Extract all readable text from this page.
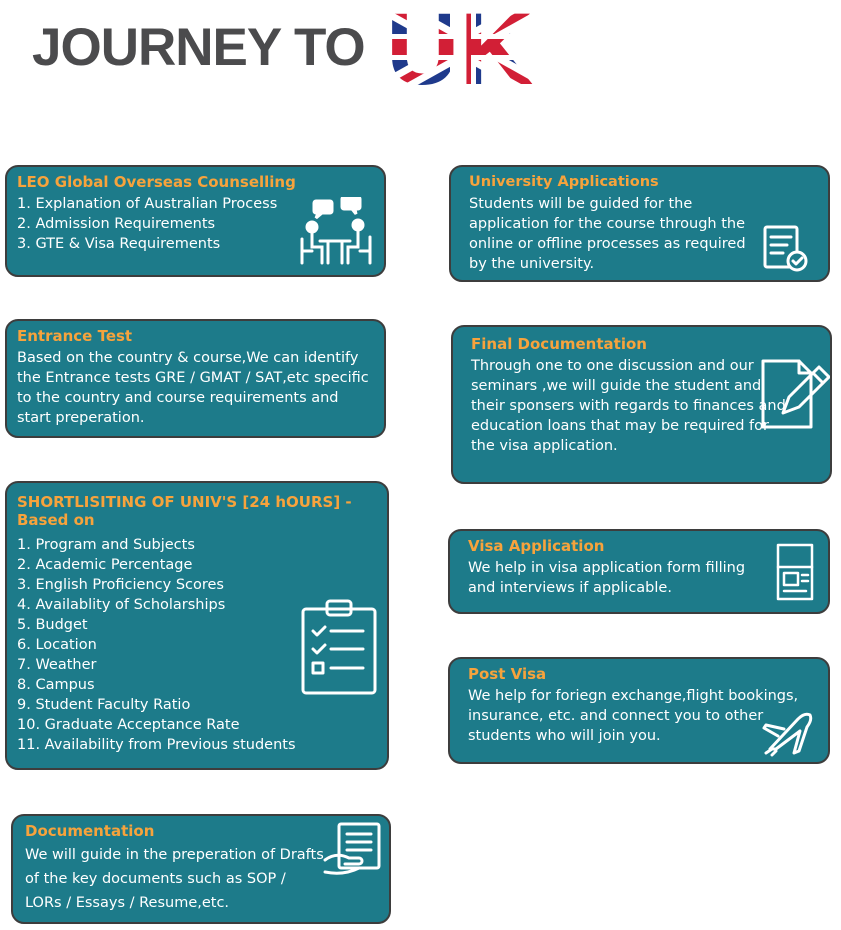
JOURNEY TO
LEO Global Overseas Counselling
1. Explanation of Australian Process
2. Admission Requirements
3. GTE & Visa Requirements
Entrance Test
Based on the country & course,We can identify the Entrance tests GRE / GMAT / SAT,etc specific to the country and course requirements and start preperation.
SHORTLISITING OF UNIV'S [24 hOURS] -Based on
1. Program and Subjects
2. Academic Percentage
3. English Proficiency Scores
4. Availablity of Scholarships
5. Budget
6. Location
7. Weather
8. Campus
9. Student Faculty Ratio
10. Graduate Acceptance Rate
11. Availability from Previous students
Documentation
We will guide in the preperation of Drafts of the key documents such as SOP / LORs / Essays / Resume,etc.
University Applications
Students will be guided for the application for the course through the online or offline processes as required by the university.
Final Documentation
Through one to one discussion and our seminars ,we will guide the student and their sponsers with regards to finances and education loans that may be required for the visa application.
Visa Application
We help in visa application form filling and interviews if applicable.
Post Visa
We help for foriegn exchange,flight bookings, insurance, etc. and connect you to other students who will join you.
